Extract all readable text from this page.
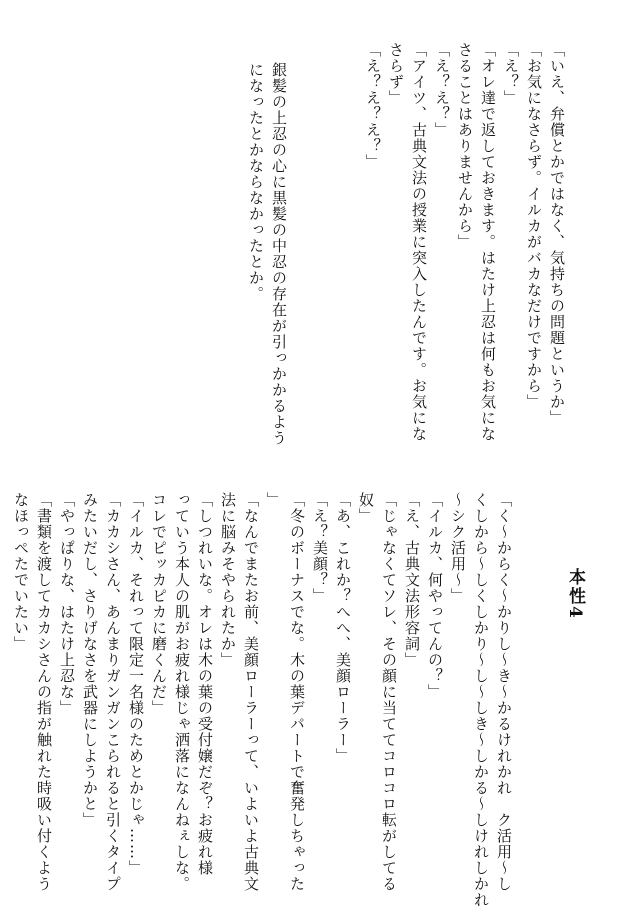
「いえ、弁償とかではなく、気持ちの問題というか」

「お気になさらず。イルカがバカなだけですから」

「え？」

「オレ達で返しておきます。はたけ上忍は何もお気にな

さることはありませんから」

「え？え？」

「アイツ、古典文法の授業に突入したんです。お気にな

さらず」

「え？え？え？」

銀髪の上忍の心に黒髪の中忍の存在が引っかかるよう

になったとかならなかったとか。

本性4

「く～からく～かりし～き～かるけれかれ　ク活用～し

くしから～しくしかり～し～しき～しかる～しけれしかれ

～シク活用～」

「イルカ、何やってんの？」

「え、古典文法形容詞」

「じゃなくてソレ、その顔に当ててコロコロ転がしてる

奴」

「あ、これか？へへ、美顔ローラー」

「え？美顔？」

「冬のボーナスでな。木の葉デパートで奮発しちゃった

」

「なんでまたお前、美顔ローラーって、いよいよ古典文

法に脳みそやられたか」

「しつれいな。オレは木の葉の受付嬢だぞ？お疲れ様

っていう本人の肌がお疲れ様じゃ洒落になんねぇしな。

コレでピッカピカに磨くんだ」

「イルカ、それって限定一名様のためとかじゃ……」

「カカシさん、あんまりガンガンこられると引くタイプ

みたいだし、さりげなさを武器にしようかと」

「やっぱりな、はたけ上忍な」

「書類を渡してカカシさんの指が触れた時吸い付くよう

なほっぺたでいたい」
